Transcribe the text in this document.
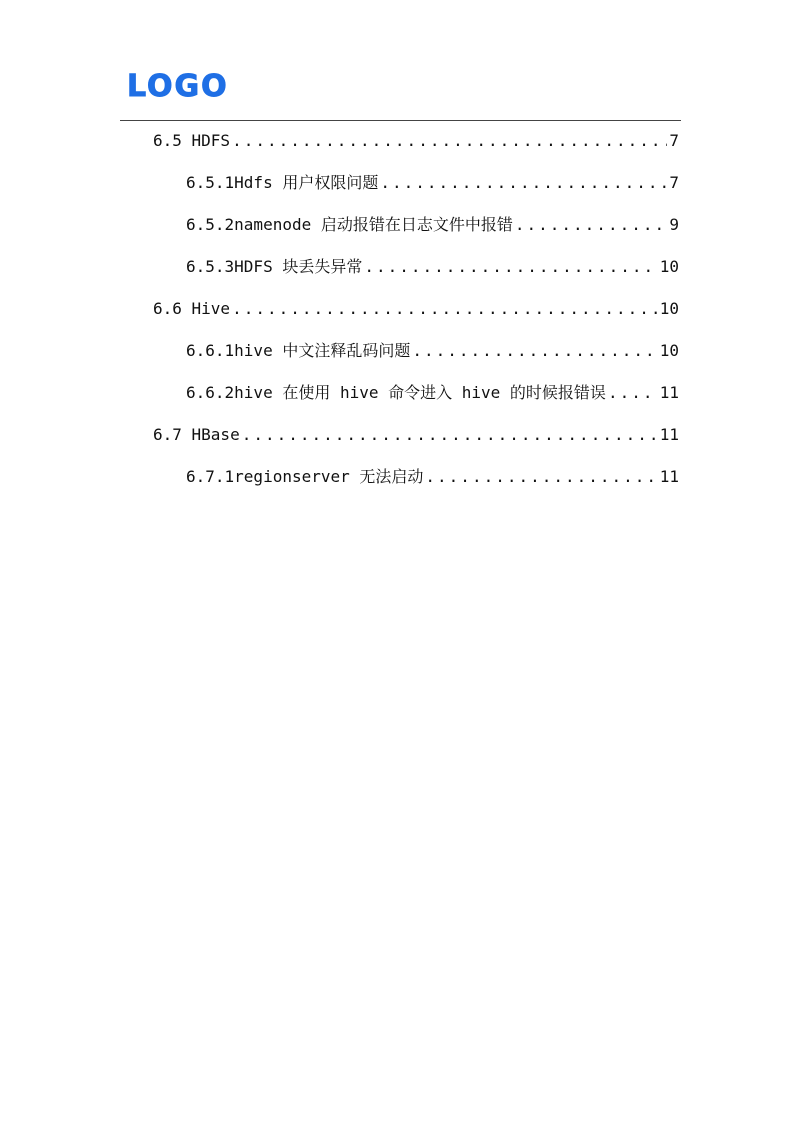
LOGO
6.5 HDFS .....	7
6.5.1Hdfs 用户权限问题 .....	7
6.5.2namenode 启动报错在日志文件中报错 .....	9
6.5.3HDFS 块丢失异常 .....	10
6.6 Hive .....	10
6.6.1hive 中文注释乱码问题 .....	10
6.6.2hive 在使用 hive 命令进入 hive 的时候报错误 .....	11
6.7 HBase .....	11
6.7.1regionserver 无法启动 .....	11
